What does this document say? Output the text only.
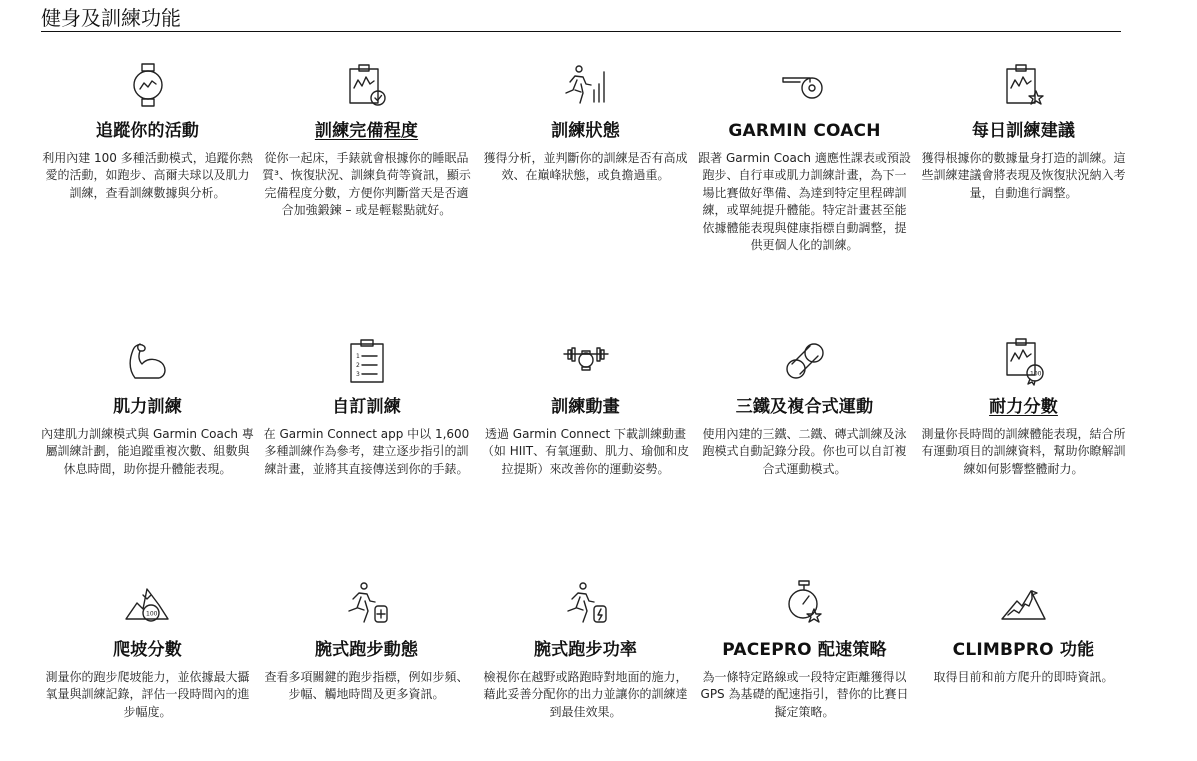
健身及訓練功能
追蹤你的活動
利用內建 100 多種活動模式，追蹤你熱愛的活動，如跑步、高爾夫球以及肌力訓練，查看訓練數據與分析。
訓練完備程度
從你一起床，手錶就會根據你的睡眠品質³、恢復狀況、訓練負荷等資訊，顯示完備程度分數，方便你判斷當天是否適合加強鍛鍊 – 或是輕鬆點就好。
訓練狀態
獲得分析，並判斷你的訓練是否有高成效、在巔峰狀態，或負擔過重。
GARMIN COACH
跟著 Garmin Coach 適應性課表或預設跑步、自行車或肌力訓練計畫，為下一場比賽做好準備、為達到特定里程碑訓練，或單純提升體能。特定計畫甚至能依據體能表現與健康指標自動調整，提供更個人化的訓練。
每日訓練建議
獲得根據你的數據量身打造的訓練。這些訓練建議會將表現及恢復狀況納入考量，自動進行調整。
肌力訓練
內建肌力訓練模式與 Garmin Coach 專屬訓練計劃，能追蹤重複次數、組數與休息時間，助你提升體能表現。
1
2
3
自訂訓練
在 Garmin Connect app 中以 1,600 多種訓練作為參考，建立逐步指引的訓練計畫，並將其直接傳送到你的手錶。
訓練動畫
透過 Garmin Connect 下載訓練動畫（如 HIIT、有氧運動、肌力、瑜伽和皮拉提斯）來改善你的運動姿勢。
三鐵及複合式運動
使用內建的三鐵、二鐵、磚式訓練及泳跑模式自動記錄分段。你也可以自訂複合式運動模式。
100
耐力分數
測量你長時間的訓練體能表現，結合所有運動項目的訓練資料，幫助你瞭解訓練如何影響整體耐力。
100
爬坡分數
測量你的跑步爬坡能力，並依據最大攝氧量與訓練記錄，評估一段時間內的進步幅度。
腕式跑步動態
查看多項關鍵的跑步指標，例如步頻、步幅、觸地時間及更多資訊。
腕式跑步功率
檢視你在越野或路跑時對地面的施力，藉此妥善分配你的出力並讓你的訓練達到最佳效果。
PACEPRO 配速策略
為一條特定路線或一段特定距離獲得以 GPS 為基礎的配速指引，替你的比賽日擬定策略。
CLIMBPRO 功能
取得目前和前方爬升的即時資訊。
